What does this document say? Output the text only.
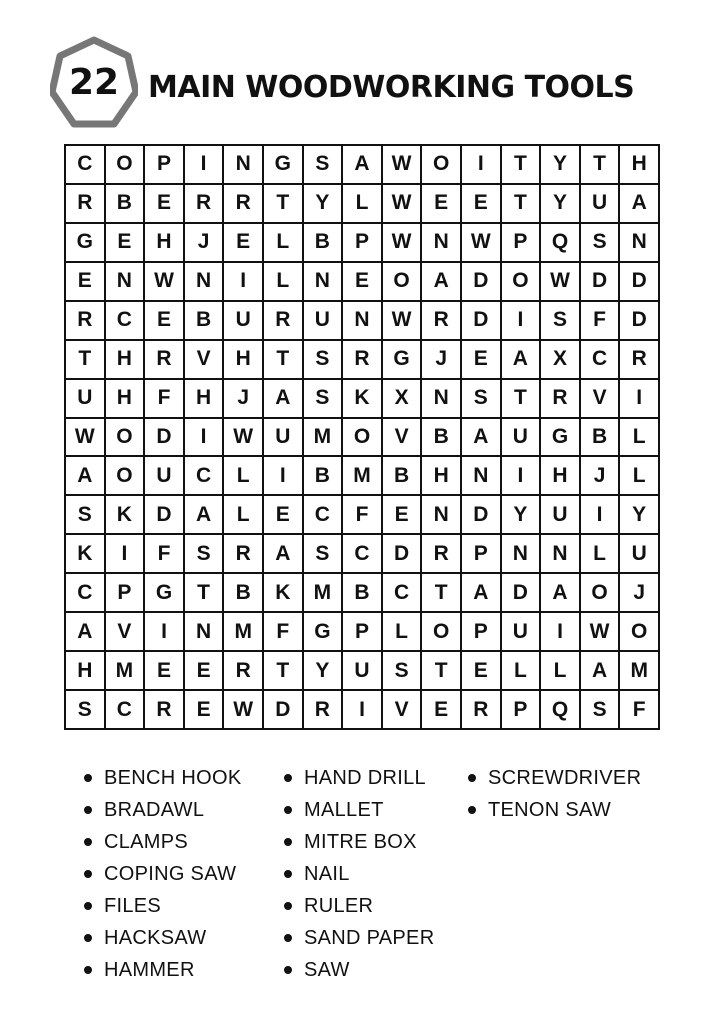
22 MAIN WOODWORKING TOOLS
C	O	P	I	N	G	S	A	W	O	I	T	Y	T	H
R	B	E	R	R	T	Y	L	W	E	E	T	Y	U	A
G	E	H	J	E	L	B	P	W	N	W	P	Q	S	N
E	N	W	N	I	L	N	E	O	A	D	O	W	D	D
R	C	E	B	U	R	U	N	W	R	D	I	S	F	D
T	H	R	V	H	T	S	R	G	J	E	A	X	C	R
U	H	F	H	J	A	S	K	X	N	S	T	R	V	I
W	O	D	I	W	U	M	O	V	B	A	U	G	B	L
A	O	U	C	L	I	B	M	B	H	N	I	H	J	L
S	K	D	A	L	E	C	F	E	N	D	Y	U	I	Y
K	I	F	S	R	A	S	C	D	R	P	N	N	L	U
C	P	G	T	B	K	M	B	C	T	A	D	A	O	J
A	V	I	N	M	F	G	P	L	O	P	U	I	W	O
H	M	E	E	R	T	Y	U	S	T	E	L	L	A	M
S	C	R	E	W	D	R	I	V	E	R	P	Q	S	F
BENCH HOOK
BRADAWL
CLAMPS
COPING SAW
FILES
HACKSAW
HAMMER
HAND DRILL
MALLET
MITRE BOX
NAIL
RULER
SAND PAPER
SAW
SCREWDRIVER
TENON SAW
